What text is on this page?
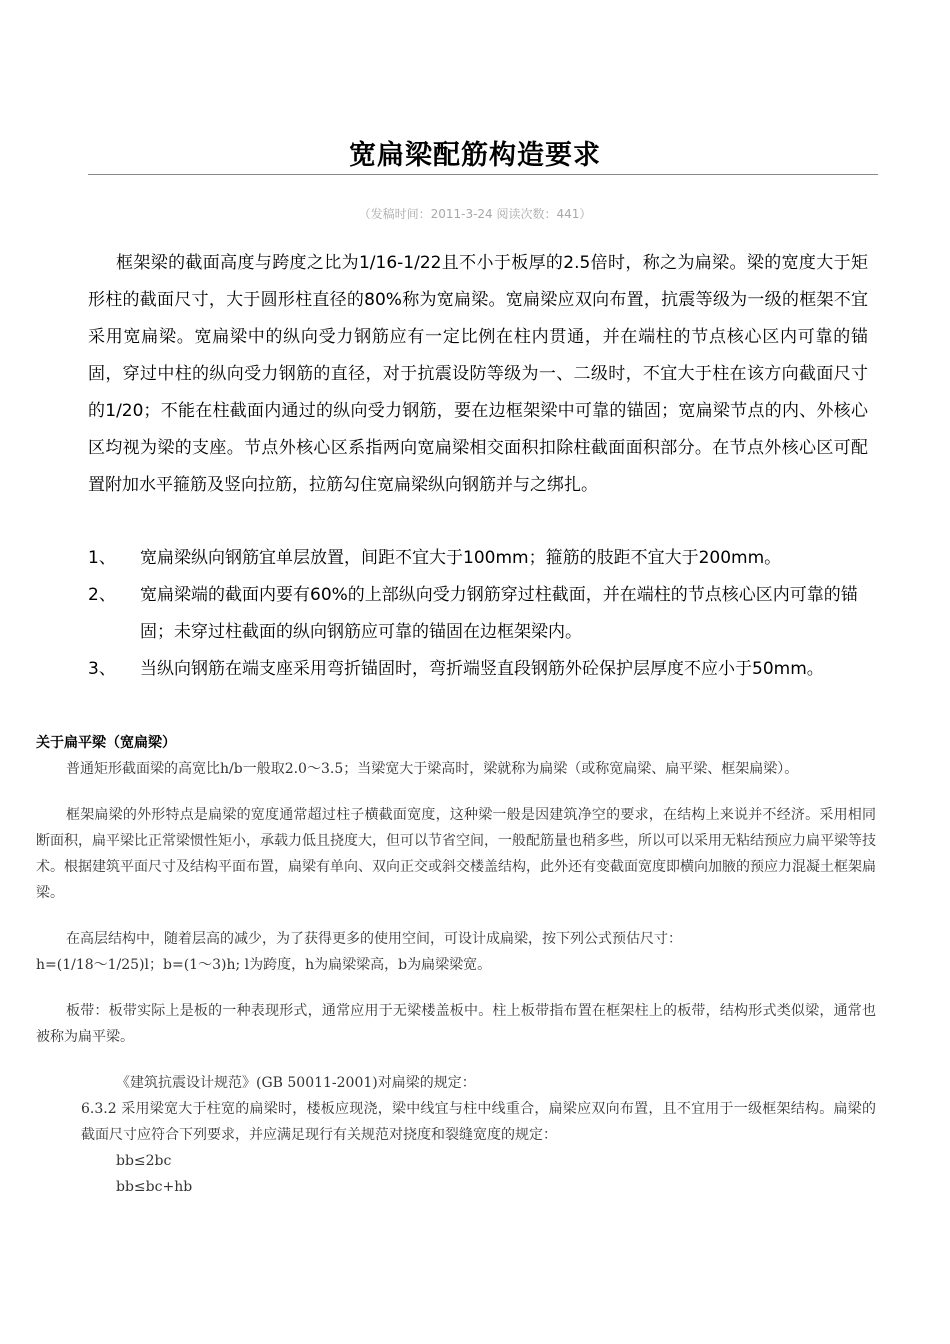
宽扁梁配筋构造要求
（发稿时间：2011-3-24 阅读次数：441）
框架梁的截面高度与跨度之比为1/16-1/22且不小于板厚的2.5倍时，称之为扁梁。梁的宽度大于矩形柱的截面尺寸，大于圆形柱直径的80%称为宽扁梁。宽扁梁应双向布置，抗震等级为一级的框架不宜采用宽扁梁。宽扁梁中的纵向受力钢筋应有一定比例在柱内贯通，并在端柱的节点核心区内可靠的锚固，穿过中柱的纵向受力钢筋的直径，对于抗震设防等级为一、二级时，不宜大于柱在该方向截面尺寸的1/20；不能在柱截面内通过的纵向受力钢筋，要在边框架梁中可靠的锚固；宽扁梁节点的内、外核心区均视为梁的支座。节点外核心区系指两向宽扁梁相交面积扣除柱截面面积部分。在节点外核心区可配置附加水平箍筋及竖向拉筋，拉筋勾住宽扁梁纵向钢筋并与之绑扎。
1、	宽扁梁纵向钢筋宜单层放置，间距不宜大于100mm；箍筋的肢距不宜大于200mm。
2、	宽扁梁端的截面内要有60%的上部纵向受力钢筋穿过柱截面，并在端柱的节点核心区内可靠的锚固；未穿过柱截面的纵向钢筋应可靠的锚固在边框架梁内。
3、	当纵向钢筋在端支座采用弯折锚固时，弯折端竖直段钢筋外砼保护层厚度不应小于50mm。
关于扁平梁（宽扁梁）

普通矩形截面梁的高宽比h/b一般取2.0～3.5；当梁宽大于梁高时，梁就称为扁梁（或称宽扁梁、扁平梁、框架扁梁）。

框架扁梁的外形特点是扁梁的宽度通常超过柱子横截面宽度，这种梁一般是因建筑净空的要求，在结构上来说并不经济。采用相同断面积，扁平梁比正常梁惯性矩小，承载力低且挠度大，但可以节省空间，一般配筋量也稍多些，所以可以采用无粘结预应力扁平梁等技术。根据建筑平面尺寸及结构平面布置，扁梁有单向、双向正交或斜交楼盖结构，此外还有变截面宽度即横向加腋的预应力混凝土框架扁梁。

在高层结构中，随着层高的减少，为了获得更多的使用空间，可设计成扁梁，按下列公式预估尺寸：

h=(1/18～1/25)l；b=(1～3)h; l为跨度，h为扁梁梁高，b为扁梁梁宽。

板带：板带实际上是板的一种表现形式，通常应用于无梁楼盖板中。柱上板带指布置在框架柱上的板带，结构形式类似梁，通常也被称为扁平梁。

《建筑抗震设计规范》(GB 50011-2001)对扁梁的规定：

6.3.2 采用梁宽大于柱宽的扁梁时，楼板应现浇，梁中线宜与柱中线重合，扁梁应双向布置，且不宜用于一级框架结构。扁梁的截面尺寸应符合下列要求，并应满足现行有关规范对挠度和裂缝宽度的规定：

bb≤2bc

bb≤bc+hb
